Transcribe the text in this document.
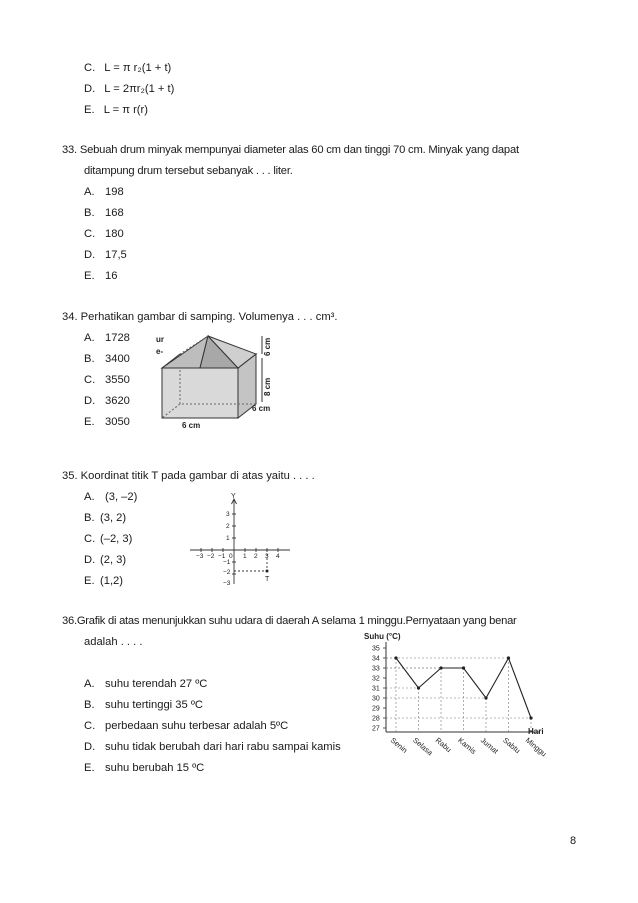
C. L = π r₂(1 + t)
D. L = 2πr₂(1 + t)
E. L = π r(r)
33. Sebuah drum minyak mempunyai diameter alas 60 cm dan tinggi 70 cm. Minyak yang dapat
ditampung drum tersebut sebanyak . . . liter.
A. 198
B. 168
C. 180
D. 17,5
E. 16
34. Perhatikan gambar di samping. Volumenya . . . cm³.
A. 1728
B. 3400
C. 3550
D. 3620
E. 3050
6 cm
8 cm
6 cm
6 cm
ur
e-
35. Koordinat titik T pada gambar di atas yaitu . . . .
A. (3, –2)
B. (3, 2)
C. (–2, 3)
D. (2, 3)
E. (1,2)
Y
T
−3 −2 −1 0 1 2 3 4
3
2
1
−1
−2
−3
36.Grafik di atas menunjukkan suhu udara di daerah A selama 1 minggu.Pernyataan yang benar
adalah . . . .
A. suhu terendah 27 ºC
B. suhu tertinggi 35 ºC
C. perbedaan suhu terbesar adalah 5ºC
D. suhu tidak berubah dari hari rabu sampai kamis
E. suhu berubah 15 ºC
Suhu (°C)
Hari
27
28
29
30
31
32
33
34
35
Senin Selasa Rabu Kamis Jumat Sabtu Minggu
8
